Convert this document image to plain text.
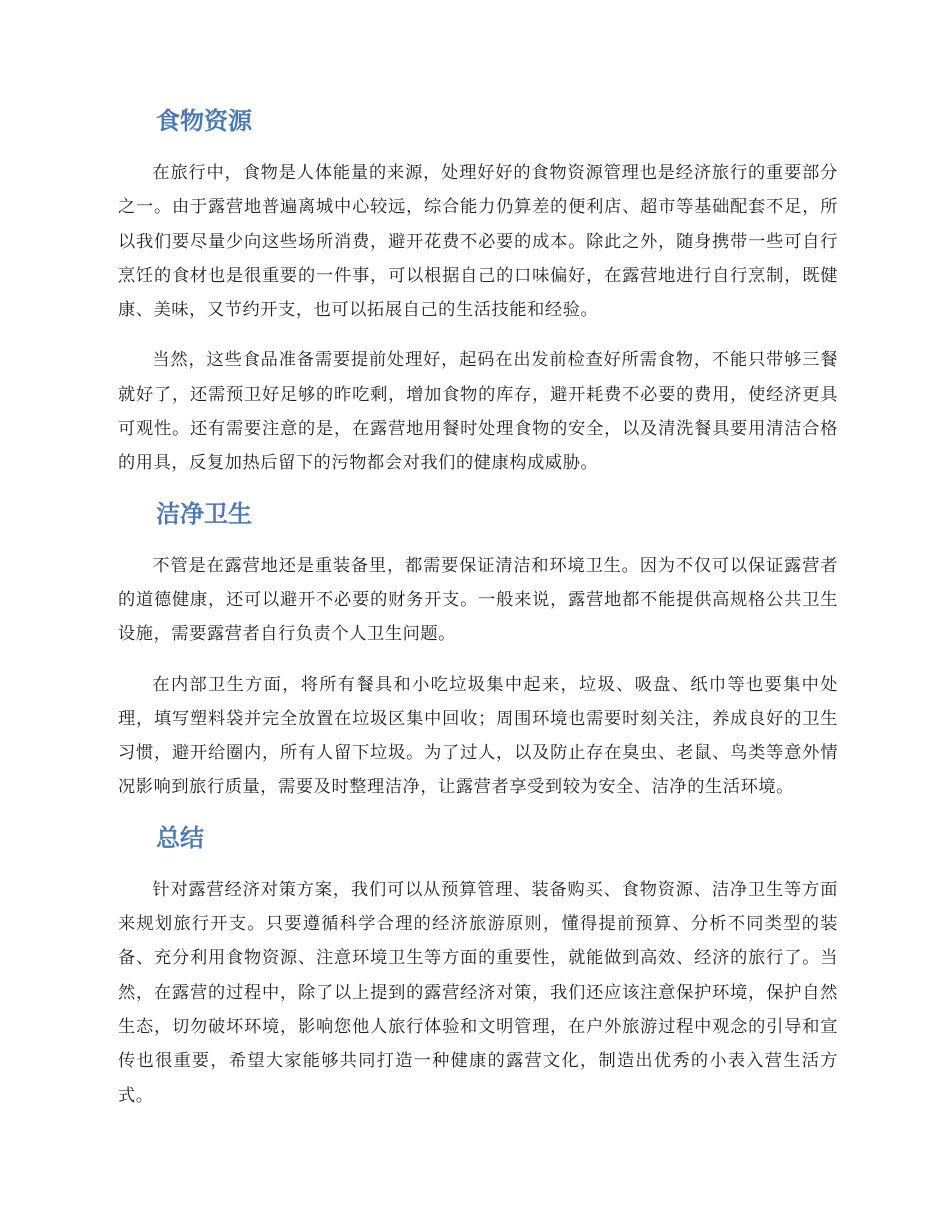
食物资源

在旅行中，食物是人体能量的来源，处理好好的食物资源管理也是经济旅行的重要部分之一。由于露营地普遍离城中心较远，综合能力仍算差的便利店、超市等基础配套不足，所以我们要尽量少向这些场所消费，避开花费不必要的成本。除此之外，随身携带一些可自行烹饪的食材也是很重要的一件事，可以根据自己的口味偏好，在露营地进行自行烹制，既健康、美味，又节约开支，也可以拓展自己的生活技能和经验。

当然，这些食品准备需要提前处理好，起码在出发前检查好所需食物，不能只带够三餐就好了，还需预卫好足够的昨吃剩，增加食物的库存，避开耗费不必要的费用，使经济更具可观性。还有需要注意的是，在露营地用餐时处理食物的安全，以及清洗餐具要用清洁合格的用具，反复加热后留下的污物都会对我们的健康构成威胁。

洁净卫生

不管是在露营地还是重装备里，都需要保证清洁和环境卫生。因为不仅可以保证露营者的道德健康，还可以避开不必要的财务开支。一般来说，露营地都不能提供高规格公共卫生设施，需要露营者自行负责个人卫生问题。

在内部卫生方面，将所有餐具和小吃垃圾集中起来，垃圾、吸盘、纸巾等也要集中处理，填写塑料袋并完全放置在垃圾区集中回收；周围环境也需要时刻关注，养成良好的卫生习惯，避开给圈内，所有人留下垃圾。为了过人，以及防止存在臭虫、老鼠、鸟类等意外情况影响到旅行质量，需要及时整理洁净，让露营者享受到较为安全、洁净的生活环境。

总结

针对露营经济对策方案，我们可以从预算管理、装备购买、食物资源、洁净卫生等方面来规划旅行开支。只要遵循科学合理的经济旅游原则，懂得提前预算、分析不同类型的装备、充分利用食物资源、注意环境卫生等方面的重要性，就能做到高效、经济的旅行了。当然，在露营的过程中，除了以上提到的露营经济对策，我们还应该注意保护环境，保护自然生态，切勿破坏环境，影响您他人旅行体验和文明管理，在户外旅游过程中观念的引导和宣传也很重要，希望大家能够共同打造一种健康的露营文化，制造出优秀的小表入营生活方式。
